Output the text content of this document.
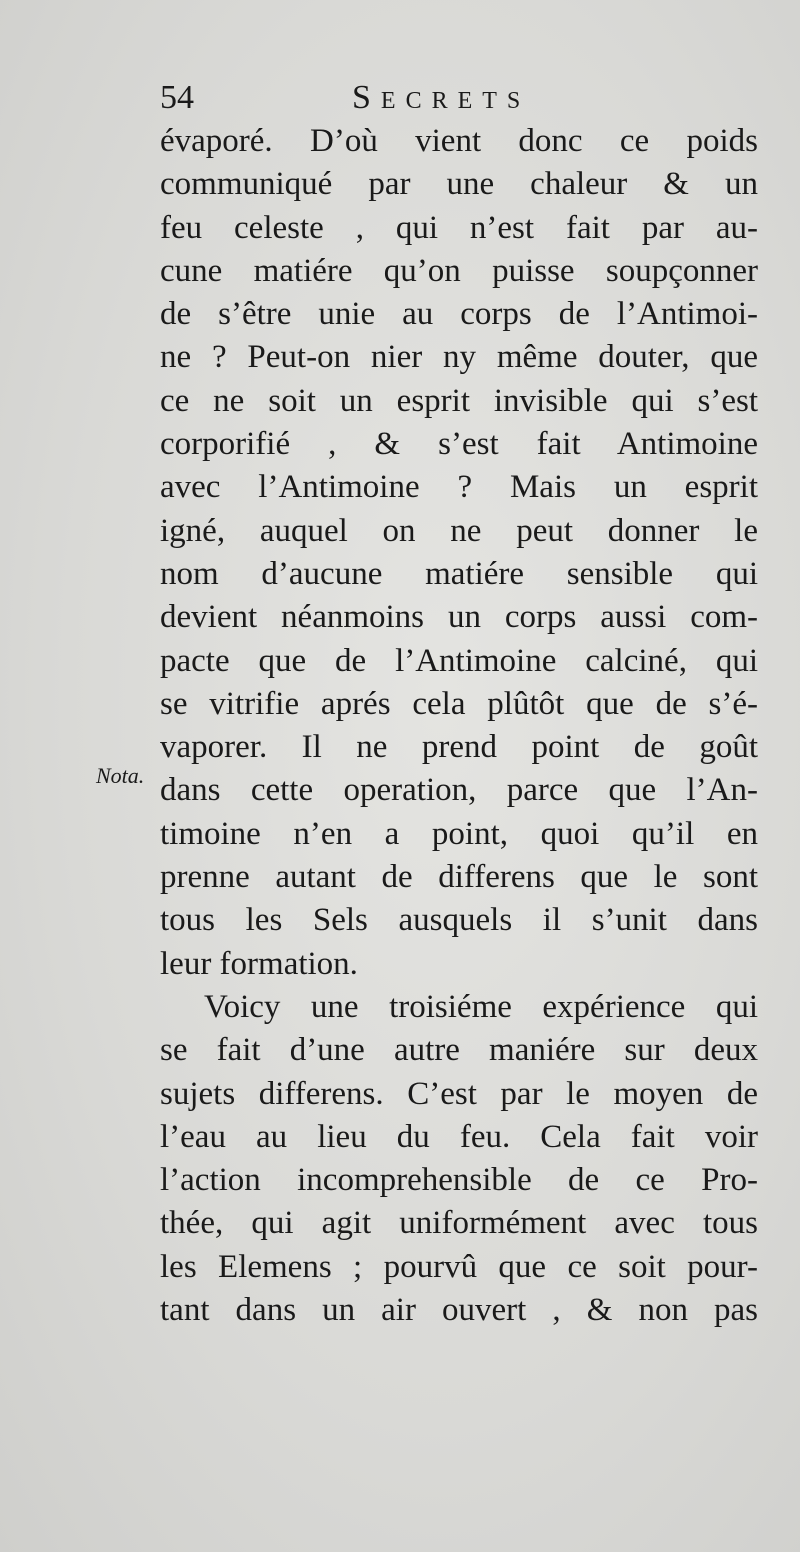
54	Secrets
Nota.
évaporé. D’où vient donc ce poids
communiqué par une chaleur & un
feu celeste , qui n’est fait par au-
cune matiére qu’on puisse soupçonner
de s’être unie au corps de l’Antimoi-
ne ? Peut-on nier ny même douter, que
ce ne soit un esprit invisible qui s’est
corporifié , & s’est fait Antimoine
avec l’Antimoine ? Mais un esprit
igné, auquel on ne peut donner le
nom d’aucune matiére sensible qui
devient néanmoins un corps aussi com-
pacte que de l’Antimoine calciné, qui
se vitrifie aprés cela plûtôt que de s’é-
vaporer. Il ne prend point de goût
dans cette operation, parce que l’An-
timoine n’en a point, quoi qu’il en
prenne autant de differens que le sont
tous les Sels ausquels il s’unit dans
leur formation.
Voicy une troisiéme expérience qui
se fait d’une autre maniére sur deux
sujets differens. C’est par le moyen de
l’eau au lieu du feu. Cela fait voir
l’action incomprehensible de ce Pro-
thée, qui agit uniformément avec tous
les Elemens ; pourvû que ce soit pour-
tant dans un air ouvert , & non pas
